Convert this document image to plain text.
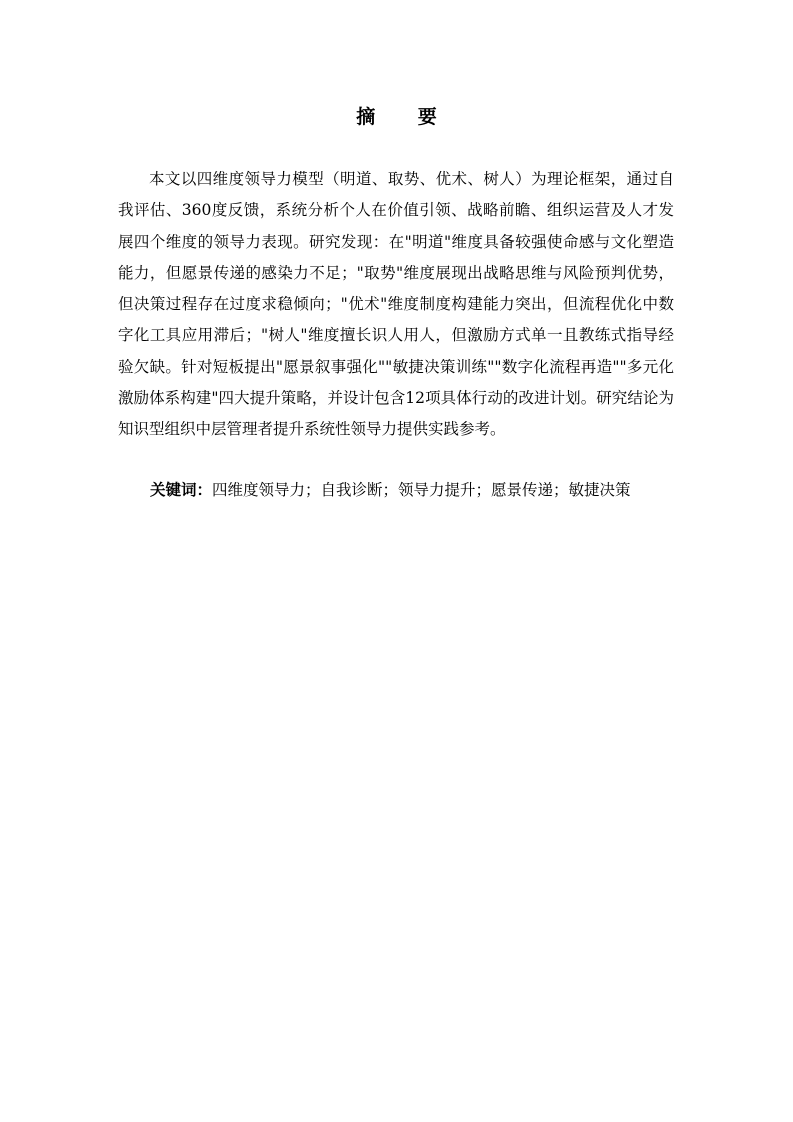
摘 要

本文以四维度领导力模型（明道、取势、优术、树人）为理论框架，通过自我评估、360度反馈，系统分析个人在价值引领、战略前瞻、组织运营及人才发展四个维度的领导力表现。研究发现：在"明道"维度具备较强使命感与文化塑造能力，但愿景传递的感染力不足；"取势"维度展现出战略思维与风险预判优势，但决策过程存在过度求稳倾向；"优术"维度制度构建能力突出，但流程优化中数字化工具应用滞后；"树人"维度擅长识人用人，但激励方式单一且教练式指导经验欠缺。针对短板提出"愿景叙事强化""敏捷决策训练""数字化流程再造""多元化激励体系构建"四大提升策略，并设计包含12项具体行动的改进计划。研究结论为知识型组织中层管理者提升系统性领导力提供实践参考。

关键词：四维度领导力；自我诊断；领导力提升；愿景传递；敏捷决策
